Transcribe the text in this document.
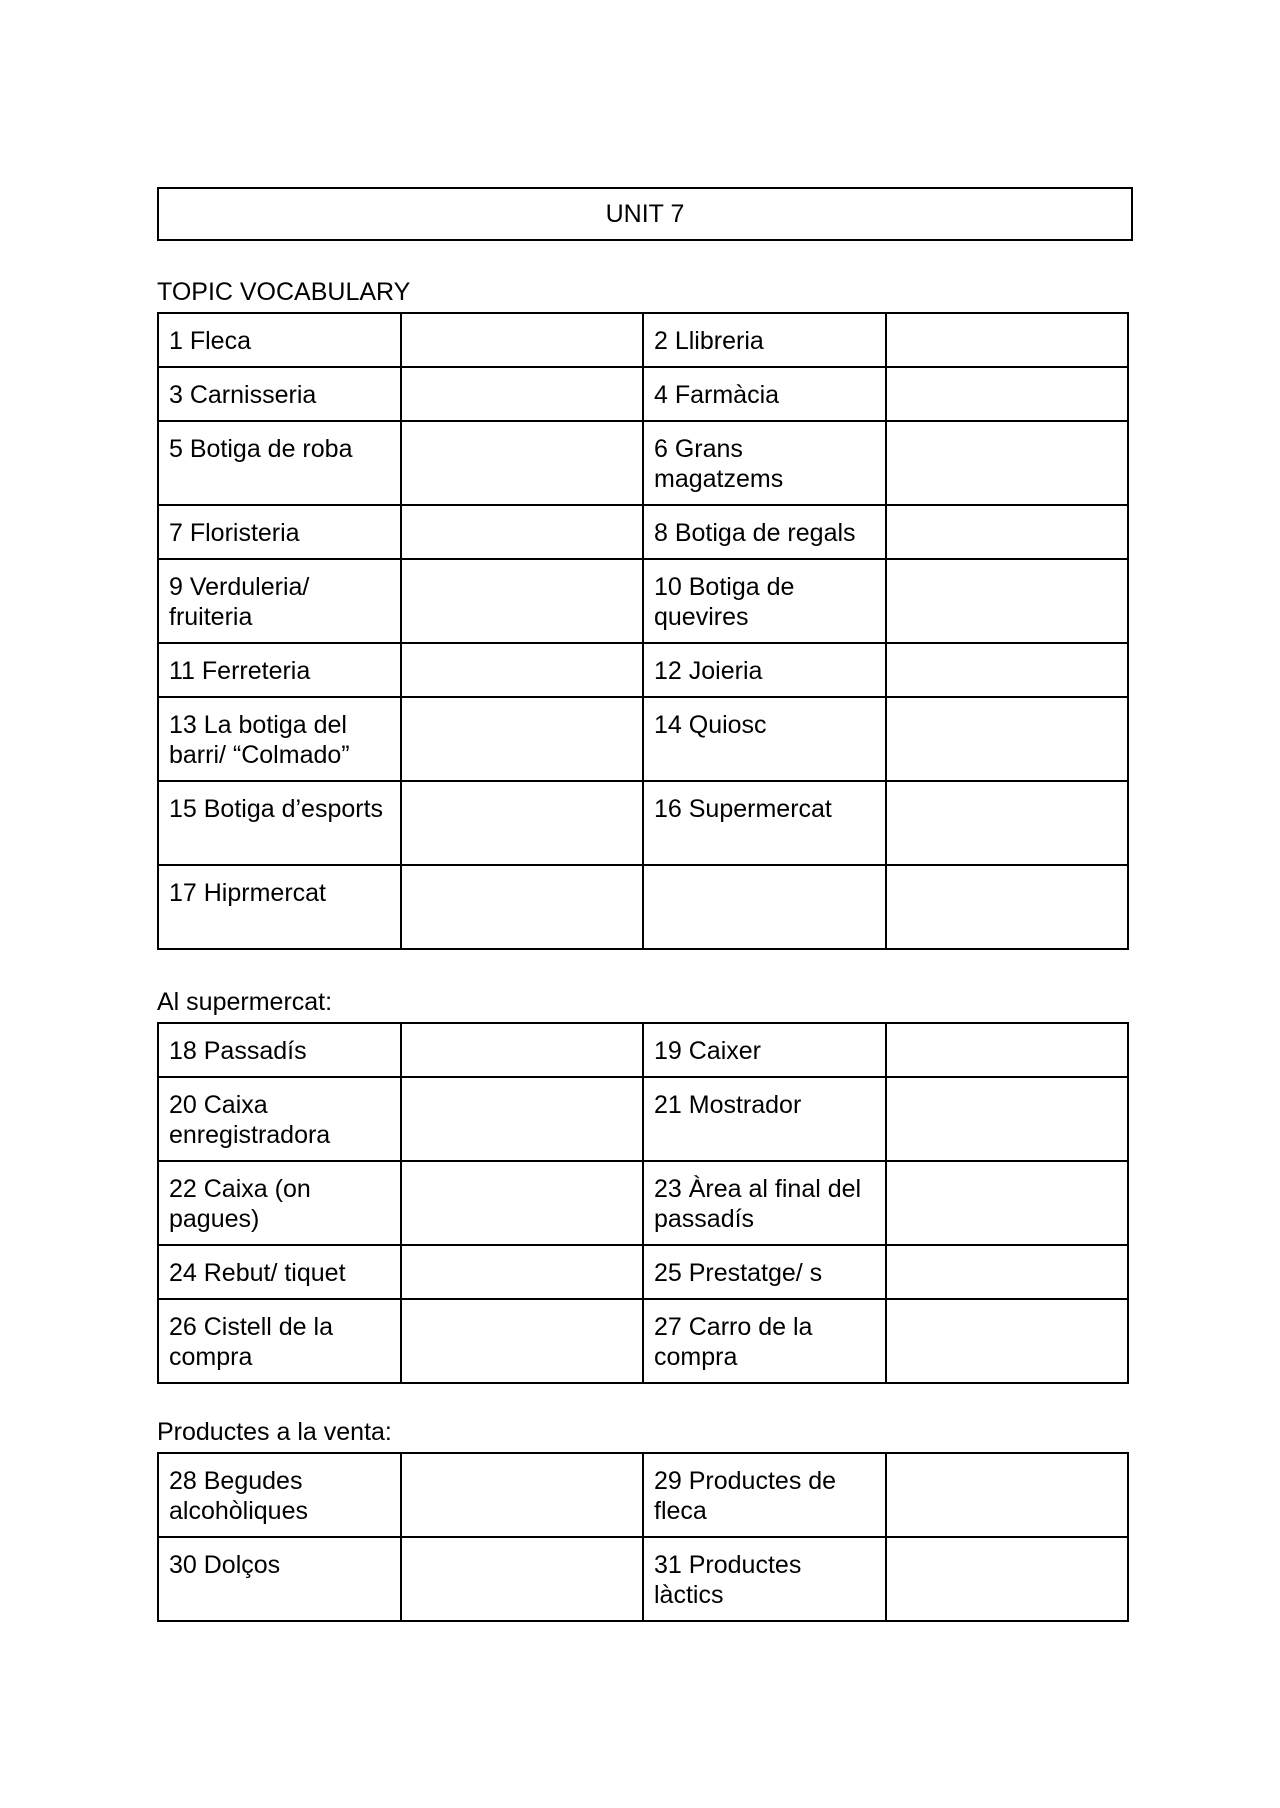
UNIT 7
TOPIC VOCABULARY
1 Fleca		2 Llibreria	
3 Carnisseria		4 Farmàcia	
5 Botiga de roba		6 Grans magatzems	
7 Floristeria		8 Botiga de regals	
9 Verduleria/ fruiteria		10 Botiga de quevires	
11 Ferreteria		12 Joieria	
13 La botiga del barri/ “Colmado”		14 Quiosc	
15 Botiga d’esports		16 Supermercat	
17 Hiprmercat			
Al supermercat:
18 Passadís		19 Caixer	
20 Caixa enregistradora		21 Mostrador	
22 Caixa (on pagues)		23 Àrea al final del passadís	
24 Rebut/ tiquet		25 Prestatge/ s	
26 Cistell de la compra		27 Carro de la compra	
Productes a la venta:
28 Begudes alcohòliques		29 Productes de fleca	
30 Dolços		31 Productes làctics	
